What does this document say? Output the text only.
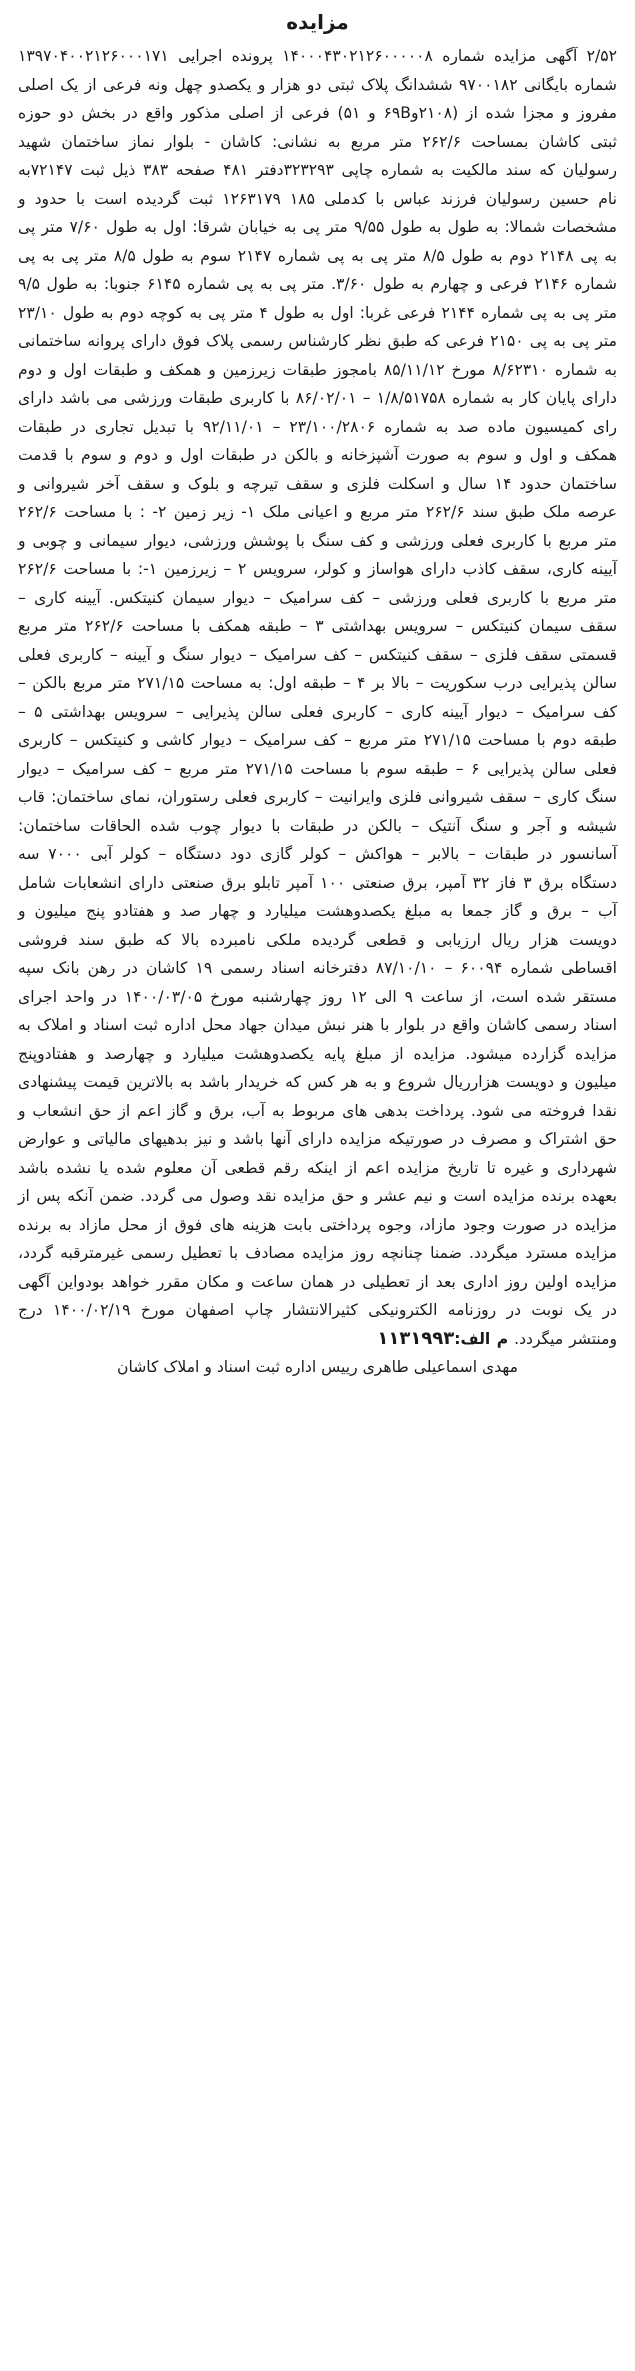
مزایده

۲/۵۲ آگهی مزایده شماره ۱۴۰۰۰۴۳۰۲۱۲۶۰۰۰۰۰۸ پرونده اجرایی ۱۳۹۷۰۴۰۰۲۱۲۶۰۰۰۱۷۱ شماره بایگانی ۹۷۰۰۱۸۲ ششدانگ پلاک ثبتی دو هزار و یکصدو چهل ونه فرعی از یک اصلی مفروز و مجزا شده از (۲۱۰۸و۶۹B و ۵۱) فرعی از اصلی مذکور واقع در بخش دو حوزه ثبتی کاشان بمساحت ۲۶۲/۶ متر مربع به نشانی: کاشان - بلوار نماز ساختمان شهید رسولیان که سند مالکیت به شماره چاپی ۳۲۳۲۹۳دفتر ۴۸۱ صفحه ۳۸۳ ذیل ثبت ۷۲۱۴۷به نام حسین رسولیان فرزند عباس با کدملی ۱۸۵ ۱۲۶۳۱۷۹ ثبت گردیده است با حدود و مشخصات شمالا: به طول به طول ۹/۵۵ متر پی به خیابان شرقا: اول به طول ۷/۶۰ متر پی به پی ۲۱۴۸ دوم به طول ۸/۵ متر پی به پی شماره ۲۱۴۷ سوم به طول ۸/۵ متر پی به پی شماره ۲۱۴۶ فرعی و چهارم به طول ۳/۶۰. متر پی به پی شماره ۶۱۴۵ جنوبا: به طول ۹/۵ متر پی به پی شماره ۲۱۴۴ فرعی غربا: اول به طول ۴ متر پی به کوچه دوم به طول ۲۳/۱۰ متر پی به پی ۲۱۵۰ فرعی که طبق نظر کارشناس رسمی پلاک فوق دارای پروانه ساختمانی به شماره ۸/۶۲۳۱۰ مورخ ۸۵/۱۱/۱۲ بامجوز طبقات زیرزمین و همکف و طبقات اول و دوم دارای پایان کار به شماره ۱/۸/۵۱۷۵۸ – ۸۶/۰۲/۰۱ با کاربری طبقات ورزشی می باشد دارای رای کمیسیون ماده صد به شماره ۲۳/۱۰۰/۲۸۰۶ – ۹۲/۱۱/۰۱ با تبدیل تجاری در طبقات همکف و اول و سوم به صورت آشپزخانه و بالکن در طبقات اول و دوم و سوم با قدمت ساختمان حدود ۱۴ سال و اسکلت فلزی و سقف تیرچه و بلوک و سقف آخر شیروانی و عرصه ملک طبق سند ۲۶۲/۶ متر مربع و اعیانی ملک ۱- زیر زمین ۲- : با مساحت ۲۶۲/۶ متر مربع با کاربری فعلی ورزشی و کف سنگ با پوشش ورزشی، دیوار سیمانی و چوبی و آیینه کاری، سقف کاذب دارای هواساز و کولر، سرویس ۲ – زیرزمین ۱-: با مساحت ۲۶۲/۶ متر مربع با کاربری فعلی ورزشی – کف سرامیک – دیوار سیمان کنیتکس. آیینه کاری – سقف سیمان کنیتکس – سرویس بهداشتی ۳ – طبقه همکف با مساحت ۲۶۲/۶ متر مربع قسمتی سقف فلزی – سقف کنیتکس – کف سرامیک – دیوار سنگ و آیینه – کاربری فعلی سالن پذیرایی درب سکوریت – بالا بر ۴ – طبقه اول: به مساحت ۲۷۱/۱۵ متر مربع بالکن – کف سرامیک – دیوار آیینه کاری – کاربری فعلی سالن پذیرایی – سرویس بهداشتی ۵ – طبقه دوم با مساحت ۲۷۱/۱۵ متر مربع – کف سرامیک – دیوار کاشی و کنیتکس – کاربری فعلی سالن پذیرایی ۶ – طبقه سوم با مساحت ۲۷۱/۱۵ متر مربع – کف سرامیک – دیوار سنگ کاری – سقف شیروانی فلزی وایرانیت – کاربری فعلی رستوران، نمای ساختمان: قاب شیشه و آجر و سنگ آنتیک – بالکن در طبقات با دیوار چوب شده الحاقات ساختمان: آسانسور در طبقات – بالابر – هواکش – کولر گازی دود دستگاه – کولر آبی ۷۰۰۰ سه دستگاه برق ۳ فاز ۳۲ آمپر، برق صنعتی ۱۰۰ آمپر تابلو برق صنعتی دارای انشعابات شامل آب – برق و گاز جمعا به مبلغ یکصدوهشت میلیارد و چهار صد و هفتادو پنج میلیون و دویست هزار ریال ارزیابی و قطعی گردیده ملکی نامبرده بالا که طبق سند فروشی اقساطی شماره ۶۰۰۹۴ – ۸۷/۱۰/۱۰ دفترخانه اسناد رسمی ۱۹ کاشان در رهن بانک سپه مستقر شده است، از ساعت ۹ الی ۱۲ روز چهارشنبه مورخ ۱۴۰۰/۰۳/۰۵ در واحد اجرای اسناد رسمی کاشان واقع در بلوار با هنر نبش میدان جهاد محل اداره ثبت اسناد و املاک به مزایده گزارده میشود. مزایده از مبلغ پایه یکصدوهشت میلیارد و چهارصد و هفتادوپنج میلیون و دویست هزارریال شروع و به هر کس که خریدار باشد به بالاترین قیمت پیشنهادی نقدا فروخته می شود. پرداخت بدهی های مربوط به آب، برق و گاز اعم از حق انشعاب و حق اشتراک و مصرف در صورتیکه مزایده دارای آنها باشد و نیز بدهیهای مالیاتی و عوارض شهرداری و غیره تا تاریخ مزایده اعم از اینکه رقم قطعی آن معلوم شده یا نشده باشد بعهده برنده مزایده است و نیم عشر و حق مزایده نقد وصول می گردد. ضمن آنکه پس از مزایده در صورت وجود مازاد، وجوه پرداختی بابت هزینه های فوق از محل مازاد به برنده مزایده مسترد میگردد. ضمنا چنانچه روز مزایده مصادف با تعطیل رسمی غیرمترقبه گردد، مزایده اولین روز اداری بعد از تعطیلی در همان ساعت و مکان مقرر خواهد بودواین آگهی در یک نوبت در روزنامه الکترونیکی کثیرالانتشار چاپ اصفهان مورخ ۱۴۰۰/۰۲/۱۹ درج ومنتشر میگردد. م الف:۱۱۳۱۹۹۳

مهدی اسماعیلی طاهری رییس اداره ثبت اسناد و املاک کاشان
